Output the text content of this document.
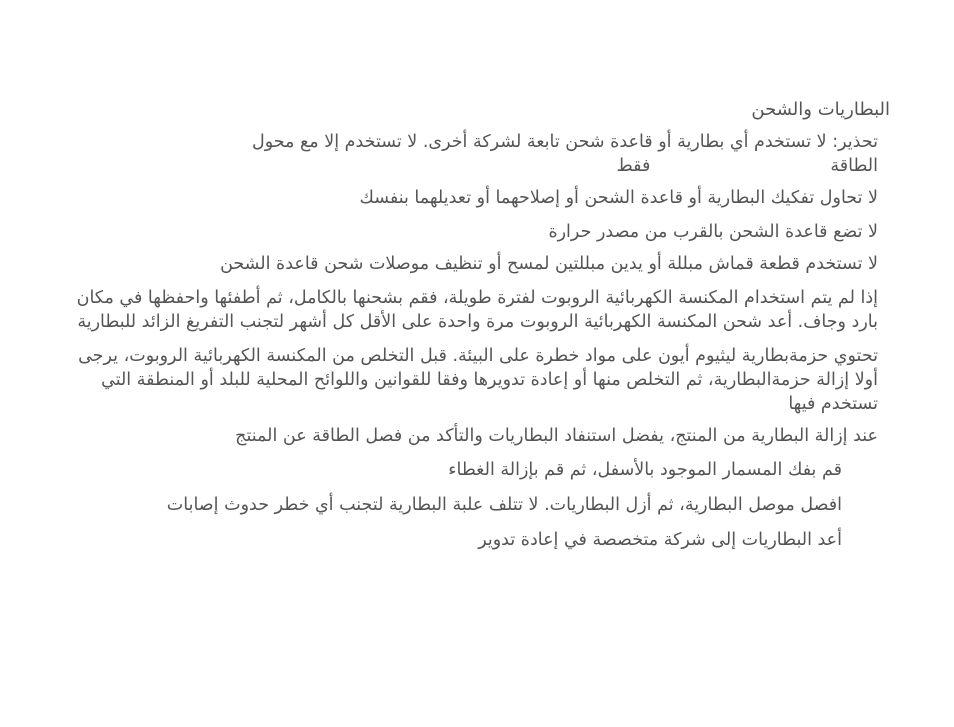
البطاريات والشحن
تحذير: لا تستخدم أي بطارية أو قاعدة شحن تابعة لشركة أخرى. لا تستخدم إلا مع محول
الطاقة
فقط
لا تحاول تفكيك البطارية أو قاعدة الشحن أو إصلاحهما أو تعديلهما بنفسك
لا تضع قاعدة الشحن بالقرب من مصدر حرارة
لا تستخدم قطعة قماش مبللة أو يدين مبللتين لمسح أو تنظيف موصلات شحن قاعدة الشحن
إذا لم يتم استخدام المكنسة الكهربائية الروبوت لفترة طويلة، فقم بشحنها بالكامل، ثم أطفئها واحفظها في مكان بارد وجاف. أعد شحن المكنسة الكهربائية الروبوت مرة واحدة على الأقل كل أشهر لتجنب التفريغ الزائد للبطارية
تحتوي حزمةبطارية ليثيوم أيون على مواد خطرة على البيئة. قبل التخلص من المكنسة الكهربائية الروبوت، يرجى أولا إزالة حزمةالبطارية، ثم التخلص منها أو إعادة تدويرها وفقا للقوانين واللوائح المحلية للبلد أو المنطقة التي تستخدم فيها
عند إزالة البطارية من المنتج، يفضل استنفاد البطاريات والتأكد من فصل الطاقة عن المنتج
قم بفك المسمار الموجود بالأسفل، ثم قم بإزالة الغطاء
افصل موصل البطارية، ثم أزل البطاريات. لا تتلف علبة البطارية لتجنب أي خطر حدوث إصابات
أعد البطاريات إلى شركة متخصصة في إعادة تدوير
